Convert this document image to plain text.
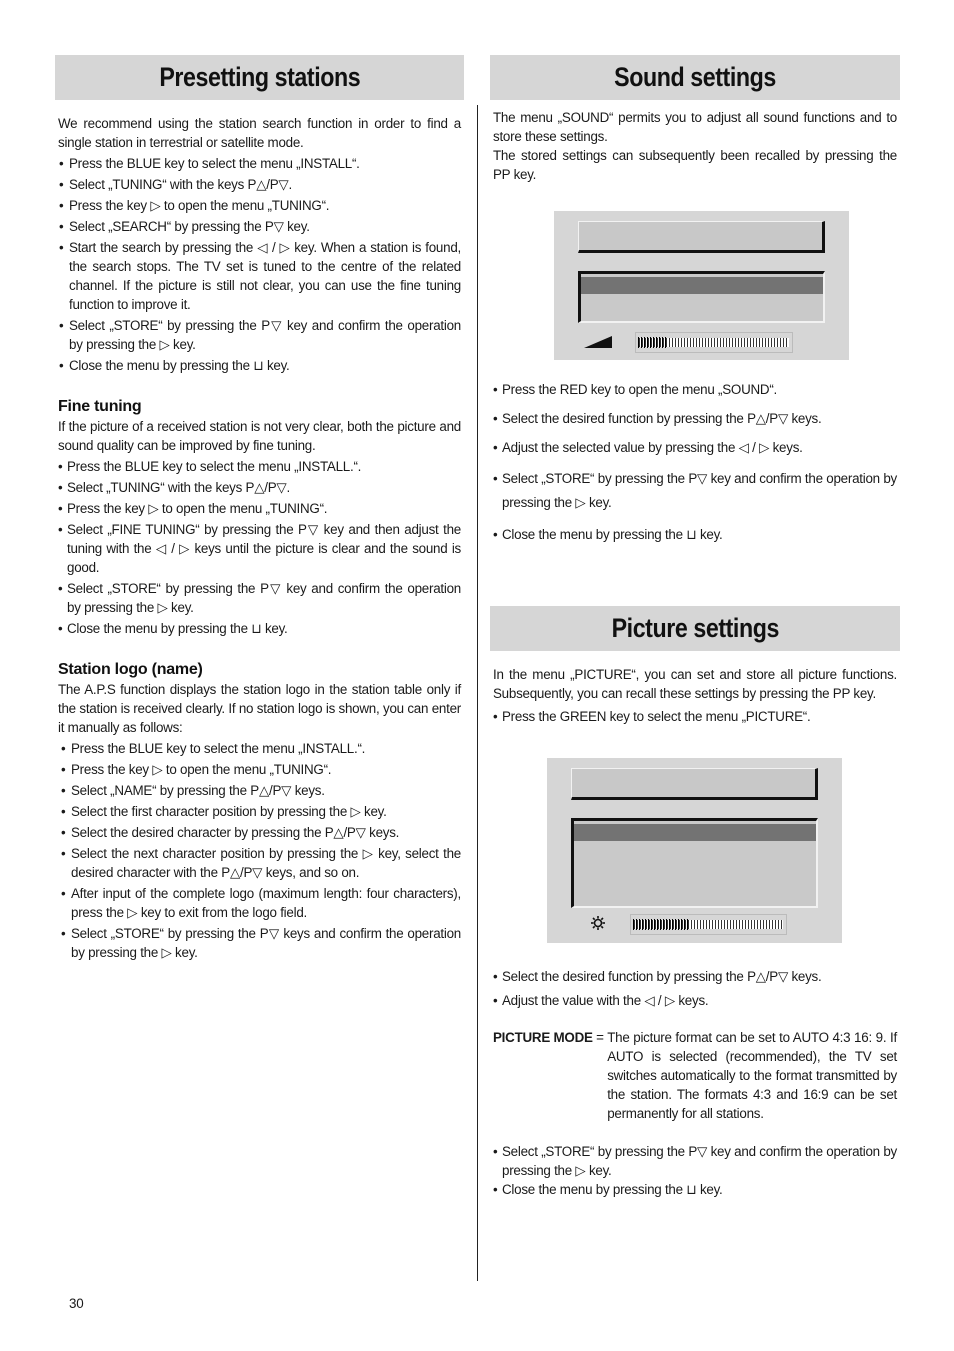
Presetting stations

We recommend using the station search function in order to find a single station in terrestrial or satellite mode.

• Press the BLUE key to select the menu „INSTALL“.
• Select „TUNING“ with the keys P△/P▽.
• Press the key ▷ to open the menu „TUNING“.
• Select „SEARCH“ by pressing the P▽ key.
• Start the search by pressing the ◁ / ▷ key. When a station is found, the search stops. The TV set is tuned to the centre of the related channel. If the picture is still not clear, you can use the fine tuning function to improve it.
• Select „STORE“ by pressing the P▽ key and confirm the operation by pressing the ▷ key.
• Close the menu by pressing the ⊔ key.
Fine tuning

If the picture of a received station is not very clear, both the picture and sound quality can be improved by fine tuning.

• Press the BLUE key to select the menu „INSTALL.“.
• Select „TUNING“ with the keys P△/P▽.
• Press the key ▷ to open the menu „TUNING“.
• Select „FINE TUNING“ by pressing the P▽ key and then adjust the tuning with the ◁ / ▷ keys until the picture is clear and the sound is good.
• Select „STORE“ by pressing the P▽ key and confirm the operation by pressing the ▷ key.
• Close the menu by pressing the ⊔ key.
Station logo (name)

The A.P.S function displays the station logo in the station table only if the station is received clearly. If no station logo is shown, you can enter it manually as follows:

• Press the BLUE key to select the menu „INSTALL.“.
• Press the key ▷ to open the menu „TUNING“.
• Select „NAME“ by pressing the P△/P▽ keys.
• Select the first character position by pressing the ▷ key.
• Select the desired character by pressing the P△/P▽ keys.
• Select the next character position by pressing the ▷ key, select the desired character with the P△/P▽ keys, and so on.
• After input of the complete logo (maximum length: four characters), press the ▷ key to exit from the logo field.
• Select „STORE“ by pressing the P▽ keys and confirm the operation by pressing the ▷ key.
Sound settings

The menu „SOUND“ permits you to adjust all sound functions and to store these settings.

The stored settings can subsequently been recalled by pressing the PP key.

• Press the RED key to open the menu „SOUND“.
• Select the desired function by pressing the P△/P▽ keys.
• Adjust the selected value by pressing the ◁ / ▷ keys.
• Select „STORE“ by pressing the P▽ key and confirm the operation by pressing the ▷ key.
• Close the menu by pressing the ⊔ key.
Picture settings

In the menu „PICTURE“, you can set and store all picture functions. Subsequently, you can recall these settings by pressing the PP key.

• Press the GREEN key to select the menu „PICTURE“.
• Select the desired function by pressing the P△/P▽ keys.
• Adjust the value with the ◁ / ▷ keys.
PICTURE MODE = The picture format can be set to AUTO 4:3 16: 9. If AUTO is selected (recommended), the TV set switches automatically to the format transmitted by the station. The formats 4:3 and 16:9 can be set permanently for all stations.
• Select „STORE“ by pressing the P▽ key and confirm the operation by pressing the ▷ key.
• Close the menu by pressing the ⊔ key.
30
